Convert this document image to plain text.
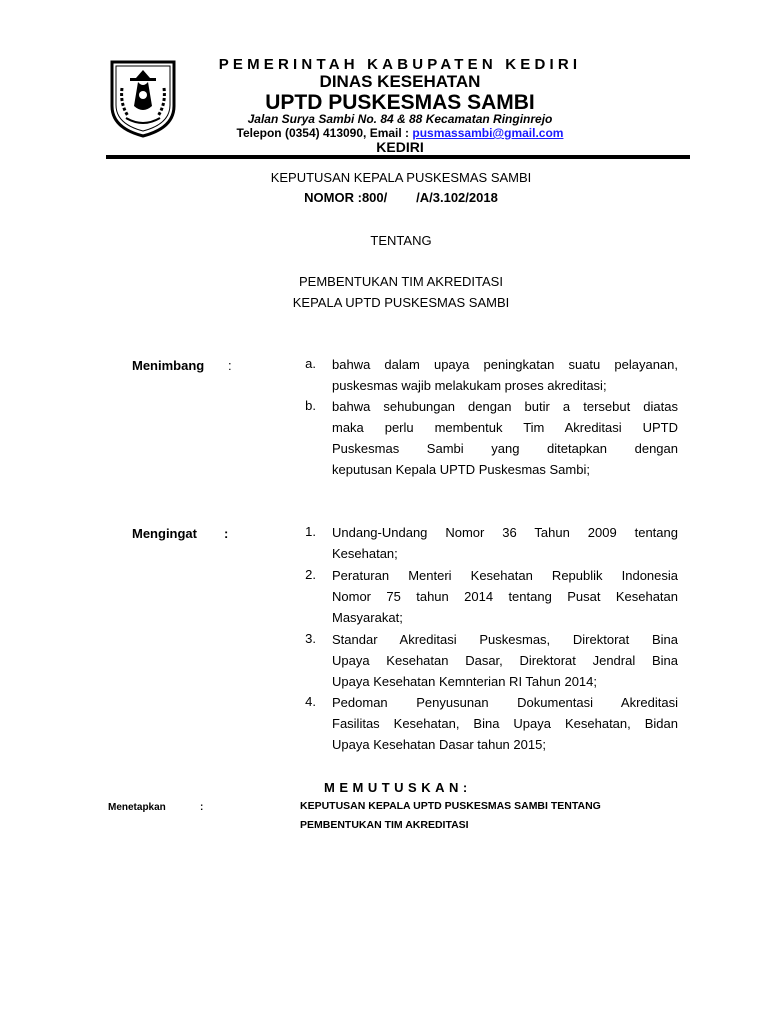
PEMERINTAH KABUPATEN KEDIRI
DINAS KESEHATAN
UPTD PUSKESMAS SAMBI
Jalan Surya Sambi No. 84 & 88 Kecamatan Ringinrejo
Telepon (0354) 413090, Email : pusmassambi@gmail.com
KEDIRI
KEPUTUSAN KEPALA PUSKESMAS SAMBI
NOMOR :800/        /A/3.102/2018
TENTANG
PEMBENTUKAN TIM AKREDITASI
KEPALA UPTD PUSKESMAS SAMBI
Menimbang :	a. bahwa dalam upaya peningkatan suatu pelayanan,
puskesmas wajib melakukam proses akreditasi;
b. bahwa sehubungan dengan butir a tersebut diatas
maka perlu membentuk Tim Akreditasi UPTD
Puskesmas Sambi yang ditetapkan dengan
keputusan Kepala UPTD Puskesmas Sambi;
Mengingat :	1. Undang-Undang Nomor 36 Tahun 2009 tentang
Kesehatan;
2. Peraturan Menteri Kesehatan Republik Indonesia
Nomor 75 tahun 2014 tentang Pusat Kesehatan
Masyarakat;
3. Standar Akreditasi Puskesmas, Direktorat Bina
Upaya Kesehatan Dasar, Direktorat Jendral Bina
Upaya Kesehatan Kemnterian RI Tahun 2014;
4. Pedoman Penyusunan Dokumentasi Akreditasi
Fasilitas Kesehatan, Bina Upaya Kesehatan, Bidan
Upaya Kesehatan Dasar tahun 2015;
MEMUTUSKAN:
Menetapkan	:	KEPUTUSAN KEPALA UPTD PUSKESMAS SAMBI TENTANG
PEMBENTUKAN TIM AKREDITASI
